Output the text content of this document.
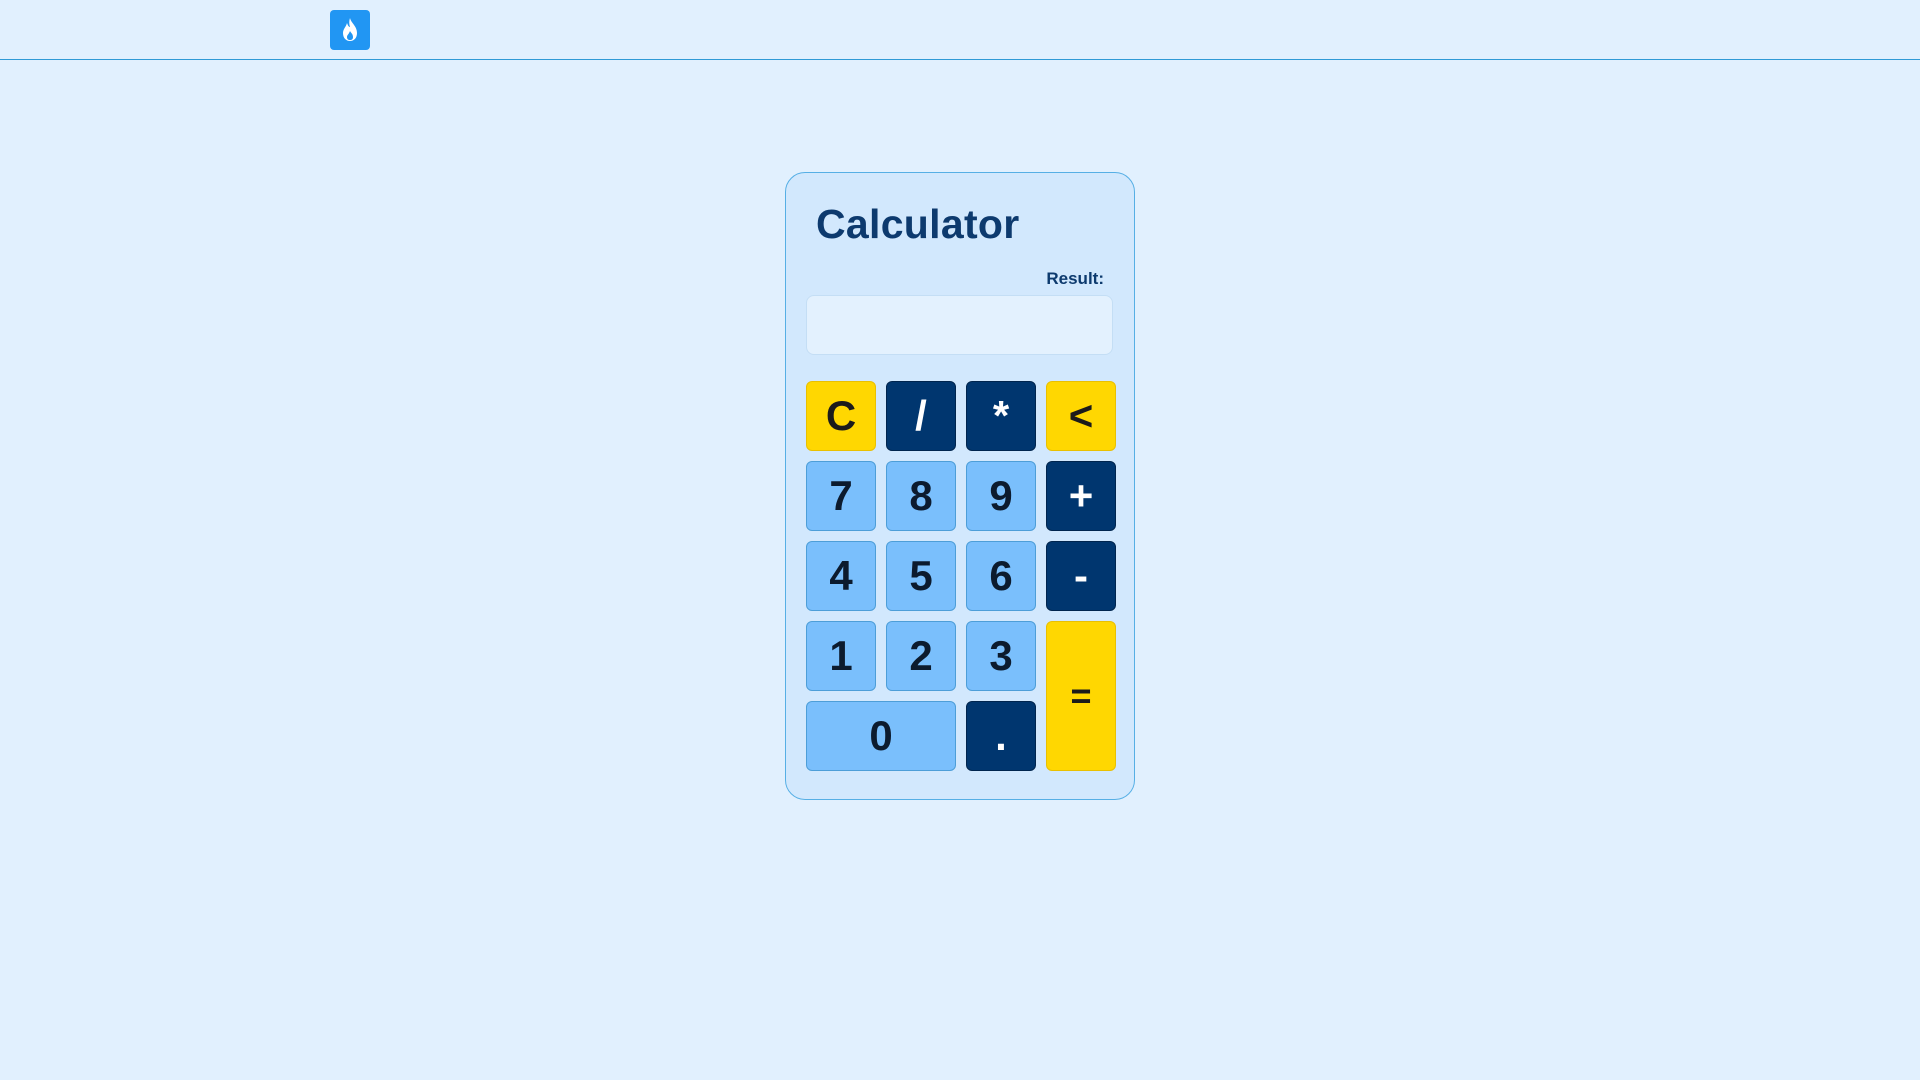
Calculator
Result:
C	/	*	<
7	8	9	+
4	5	6	-
1	2	3
=
0	.
